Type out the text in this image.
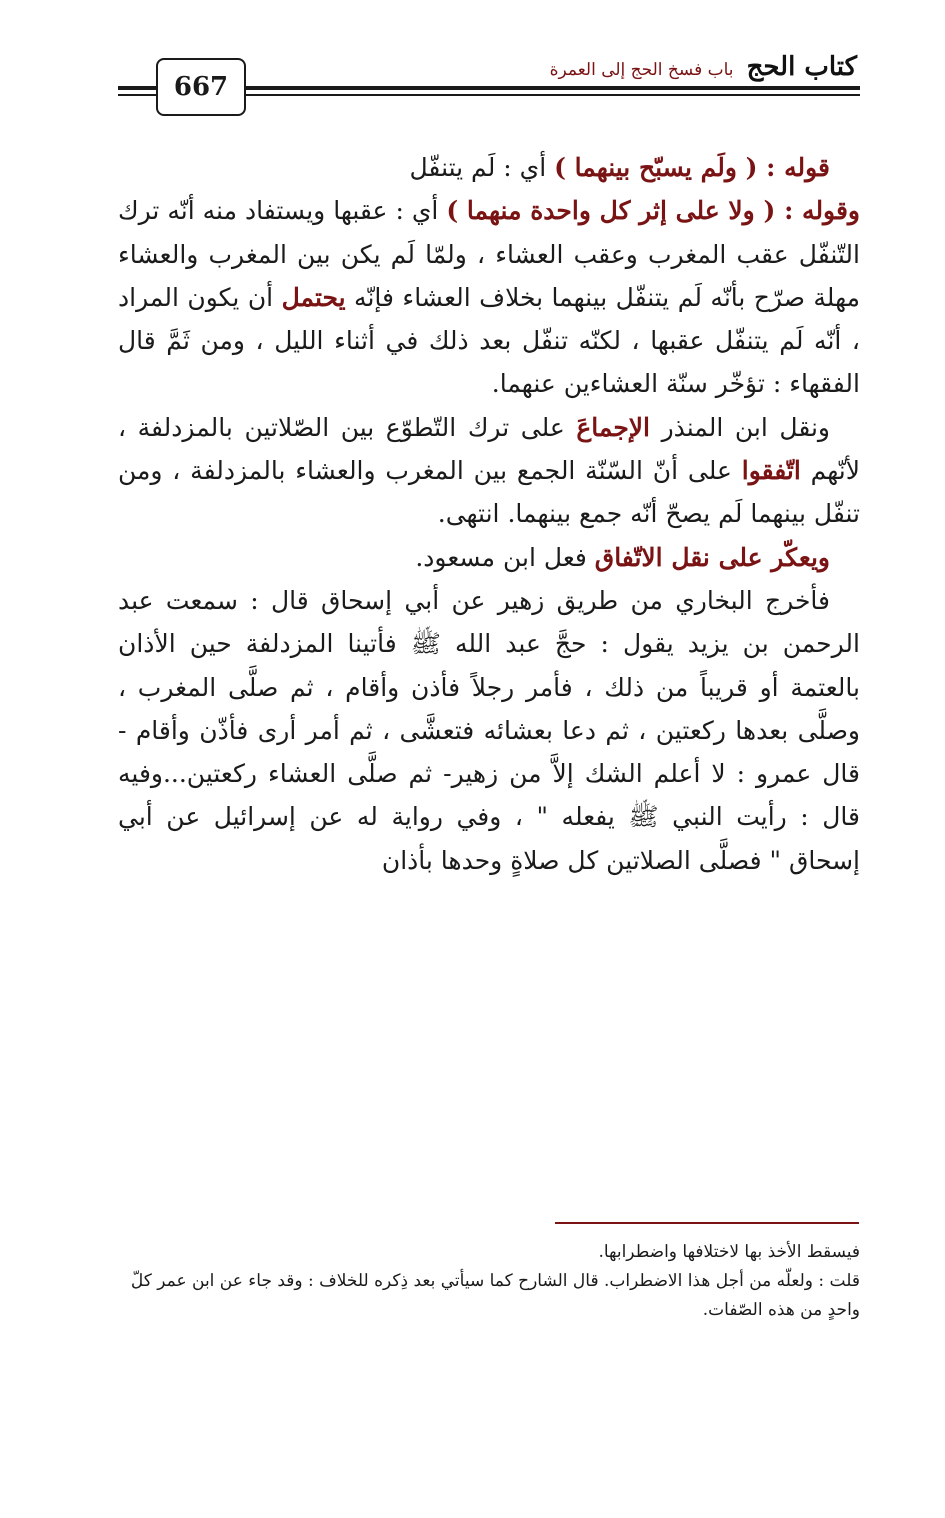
667
كتاب الحج باب فسخ الحج إلى العمرة

قوله : ( ولَم يسبّح بينهما ) أي : لَم يتنفّل

وقوله : ( ولا على إثر كل واحدة منهما ) أي : عقبها ويستفاد منه أنّه ترك التّنفّل عقب المغرب وعقب العشاء ، ولمّا لَم يكن بين المغرب والعشاء مهلة صرّح بأنّه لَم يتنفّل بينهما بخلاف العشاء فإنّه يحتمل أن يكون المراد ، أنّه لَم يتنفّل عقبها ، لكنّه تنفّل بعد ذلك في أثناء الليل ، ومن ثَمَّ قال الفقهاء : تؤخّر سنّة العشاءين عنهما.

ونقل ابن المنذر الإجماعَ على ترك التّطوّع بين الصّلاتين بالمزدلفة ، لأنّهم اتّفقوا على أنّ السّنّة الجمع بين المغرب والعشاء بالمزدلفة ، ومن تنفّل بينهما لَم يصحّ أنّه جمع بينهما. انتهى.

ويعكّر على نقل الاتّفاق فعل ابن مسعود.

فأخرج البخاري من طريق زهير عن أبي إسحاق قال : سمعت عبد الرحمن بن يزيد يقول : حجَّ عبد الله ﷺ فأتينا المزدلفة حين الأذان بالعتمة أو قريباً من ذلك ، فأمر رجلاً فأذن وأقام ، ثم صلَّى المغرب ، وصلَّى بعدها ركعتين ، ثم دعا بعشائه فتعشَّى ، ثم أمر أرى فأذّن وأقام - قال عمرو : لا أعلم الشك إلاَّ من زهير- ثم صلَّى العشاء ركعتين...وفيه قال : رأيت النبي ﷺ يفعله " ، وفي رواية له عن إسرائيل عن أبي إسحاق " فصلَّى الصلاتين كل صلاةٍ وحدها بأذان

فيسقط الأخذ بها لاختلافها واضطرابها.

قلت : ولعلّه من أجل هذا الاضطراب. قال الشارح كما سيأتي بعد ذِكره للخلاف : وقد جاء عن ابن عمر كلّ واحدٍ من هذه الصّفات.
